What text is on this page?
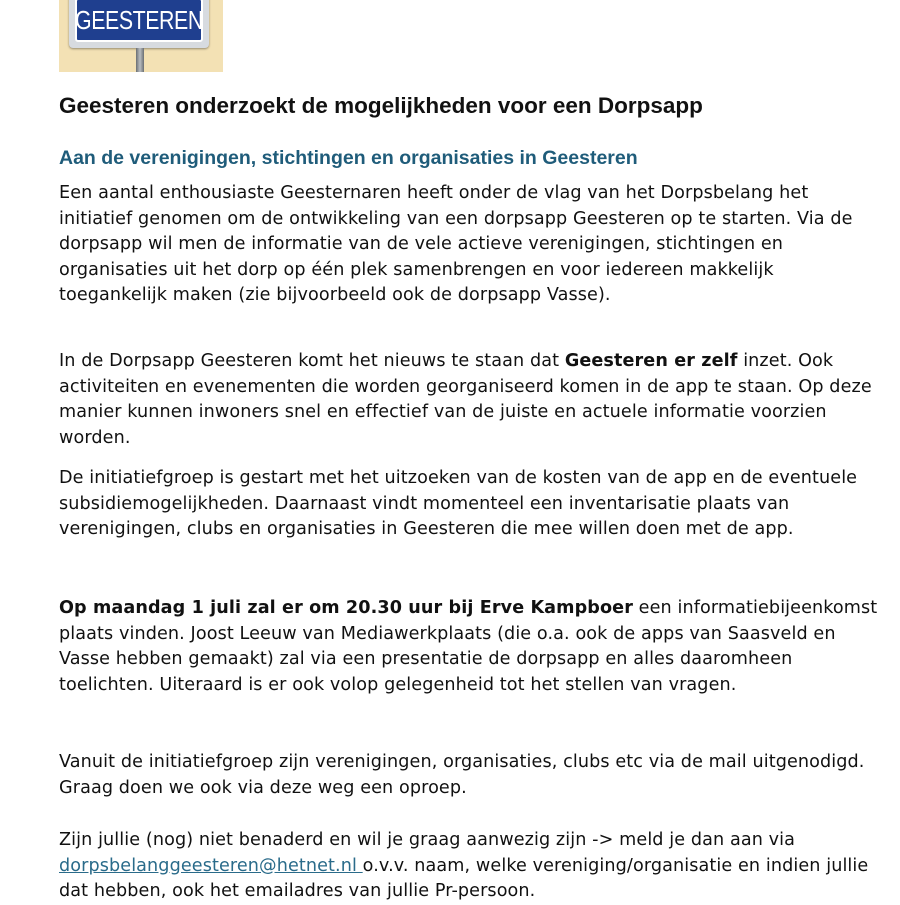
GEESTEREN
Geesteren onderzoekt de mogelijkheden voor een Dorpsapp
Aan de verenigingen, stichtingen en organisaties in Geesteren

Een aantal enthousiaste Geesternaren heeft onder de vlag van het Dorpsbelang het initiatief genomen om de ontwikkeling van een dorpsapp Geesteren op te starten. Via de dorpsapp wil men de informatie van de vele actieve verenigingen, stichtingen en organisaties uit het dorp op één plek samenbrengen en voor iedereen makkelijk toegankelijk maken (zie bijvoorbeeld ook de dorpsapp Vasse).

In de Dorpsapp Geesteren komt het nieuws te staan dat Geesteren er zelf inzet. Ook activiteiten en evenementen die worden georganiseerd komen in de app te staan. Op deze manier kunnen inwoners snel en effectief van de juiste en actuele informatie voorzien worden.

De initiatiefgroep is gestart met het uitzoeken van de kosten van de app en de eventuele subsidiemogelijkheden. Daarnaast vindt momenteel een inventarisatie plaats van verenigingen, clubs en organisaties in Geesteren die mee willen doen met de app.

Op maandag 1 juli zal er om 20.30 uur bij Erve Kampboer een informatiebijeenkomst plaats vinden. Joost Leeuw van Mediawerkplaats (die o.a. ook de apps van Saasveld en Vasse hebben gemaakt) zal via een presentatie de dorpsapp en alles daaromheen toelichten. Uiteraard is er ook volop gelegenheid tot het stellen van vragen.

Vanuit de initiatiefgroep zijn verenigingen, organisaties, clubs etc via de mail uitgenodigd. Graag doen we ook via deze weg een oproep.

Zijn jullie (nog) niet benaderd en wil je graag aanwezig zijn -> meld je dan aan via dorpsbelanggeesteren@hetnet.nl o.v.v. naam, welke vereniging/organisatie en indien jullie dat hebben, ook het emailadres van jullie Pr-persoon.
